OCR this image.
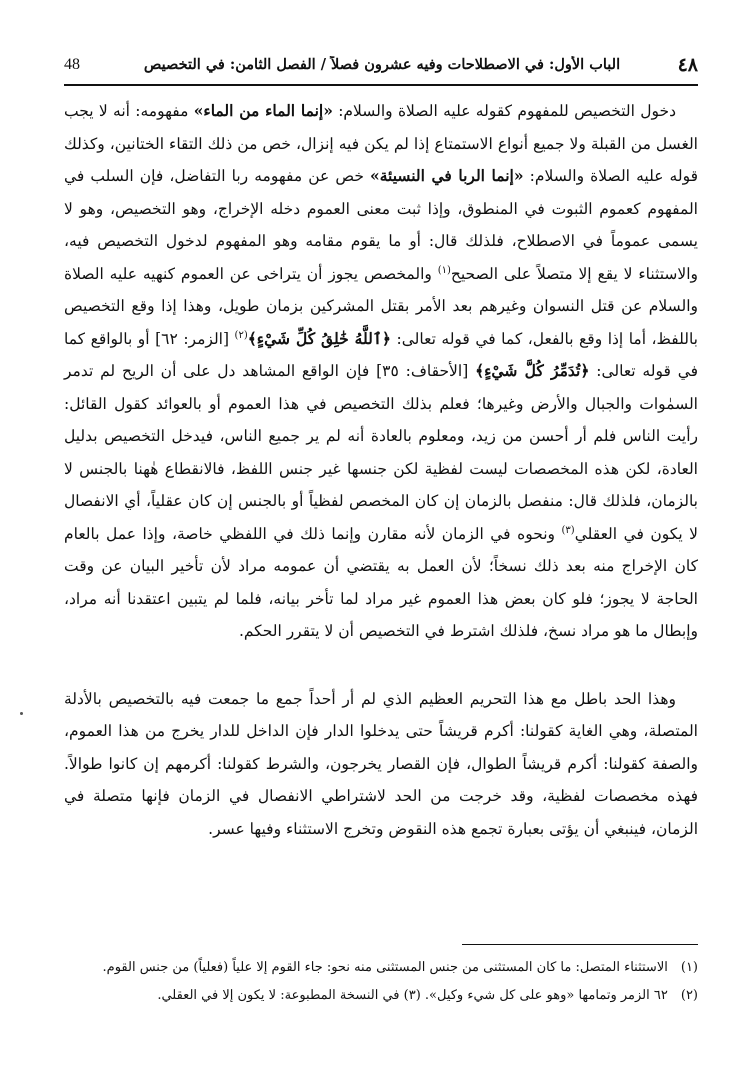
٤٨
الباب الأول: في الاصطلاحات وفيه عشرون فصلاً / الفصل الثامن: في التخصيص
48

دخول التخصيص للمفهوم كقوله عليه الصلاة والسلام: «إنما الماء من الماء» مفهومه: أنه لا يجب الغسل من القبلة ولا جميع أنواع الاستمتاع إذا لم يكن فيه إنزال، خص من ذلك التقاء الختانين، وكذلك قوله عليه الصلاة والسلام: «إنما الربا في النسيئة» خص عن مفهومه ربا التفاضل، فإن السلب في المفهوم كعموم الثبوت في المنطوق، وإذا ثبت معنى العموم دخله الإخراج، وهو التخصيص، وهو لا يسمى عموماً في الاصطلاح، فلذلك قال: أو ما يقوم مقامه وهو المفهوم لدخول التخصيص فيه، والاستثناء لا يقع إلا متصلاً على الصحيح$^{(١)}$ والمخصص يجوز أن يتراخى عن العموم كنهيه عليه الصلاة والسلام عن قتل النسوان وغيرهم بعد الأمر بقتل المشركين بزمان طويل، وهذا إذا وقع التخصيص باللفظ، أما إذا وقع بالفعل، كما في قوله تعالى: ﴿ٱللَّهُ خَٰلِقُ كُلِّ شَيْءٍ﴾$^{(٢)}$ [الزمر: ٦٢] أو بالواقع كما في قوله تعالى: ﴿تُدَمِّرُ كُلَّ شَيْءٍ﴾ [الأحقاف: ٣٥] فإن الواقع المشاهد دل على أن الريح لم تدمر السمٰوات والجبال والأرض وغيرها؛ فعلم بذلك التخصيص في هذا العموم أو بالعوائد كقول القائل: رأيت الناس فلم أر أحسن من زيد، ومعلوم بالعادة أنه لم ير جميع الناس، فيدخل التخصيص بدليل العادة، لكن هذه المخصصات ليست لفظية لكن جنسها غير جنس اللفظ، فالانقطاع هٰهنا بالجنس لا بالزمان، فلذلك قال: منفصل بالزمان إن كان المخصص لفظياً أو بالجنس إن كان عقلياً، أي الانفصال لا يكون في العقلي$^{(٣)}$ ونحوه في الزمان لأنه مقارن وإنما ذلك في اللفظي خاصة، وإذا عمل بالعام كان الإخراج منه بعد ذلك نسخاً؛ لأن العمل به يقتضي أن عمومه مراد لأن تأخير البيان عن وقت الحاجة لا يجوز؛ فلو كان بعض هذا العموم غير مراد لما تأخر بيانه، فلما لم يتبين اعتقدنا أنه مراد، وإبطال ما هو مراد نسخ، فلذلك اشترط في التخصيص أن لا يتقرر الحكم.

وهذا الحد باطل مع هذا التحريم العظيم الذي لم أر أحداً جمع ما جمعت فيه بالتخصيص بالأدلة المتصلة، وهي الغاية كقولنا: أكرم قريشاً حتى يدخلوا الدار فإن الداخل للدار يخرج من هذا العموم، والصفة كقولنا: أكرم قريشاً الطوال، فإن القصار يخرجون، والشرط كقولنا: أكرمهم إن كانوا طوالاً. فهذه مخصصات لفظية، وقد خرجت من الحد لاشتراطي الانفصال في الزمان فإنها متصلة في الزمان، فينبغي أن يؤتى بعبارة تجمع هذه النقوض وتخرج الاستثناء وفيها عسر.

(١) الاستثناء المتصل: ما كان المستثنى من جنس المستثنى منه نحو: جاء القوم إلا علياً (فعلياً) من جنس القوم.
(٢) ٦٢ الزمر وتمامها «وهو على كل شيء وكيل». (٣) في النسخة المطبوعة: لا يكون إلا في العقلي.
